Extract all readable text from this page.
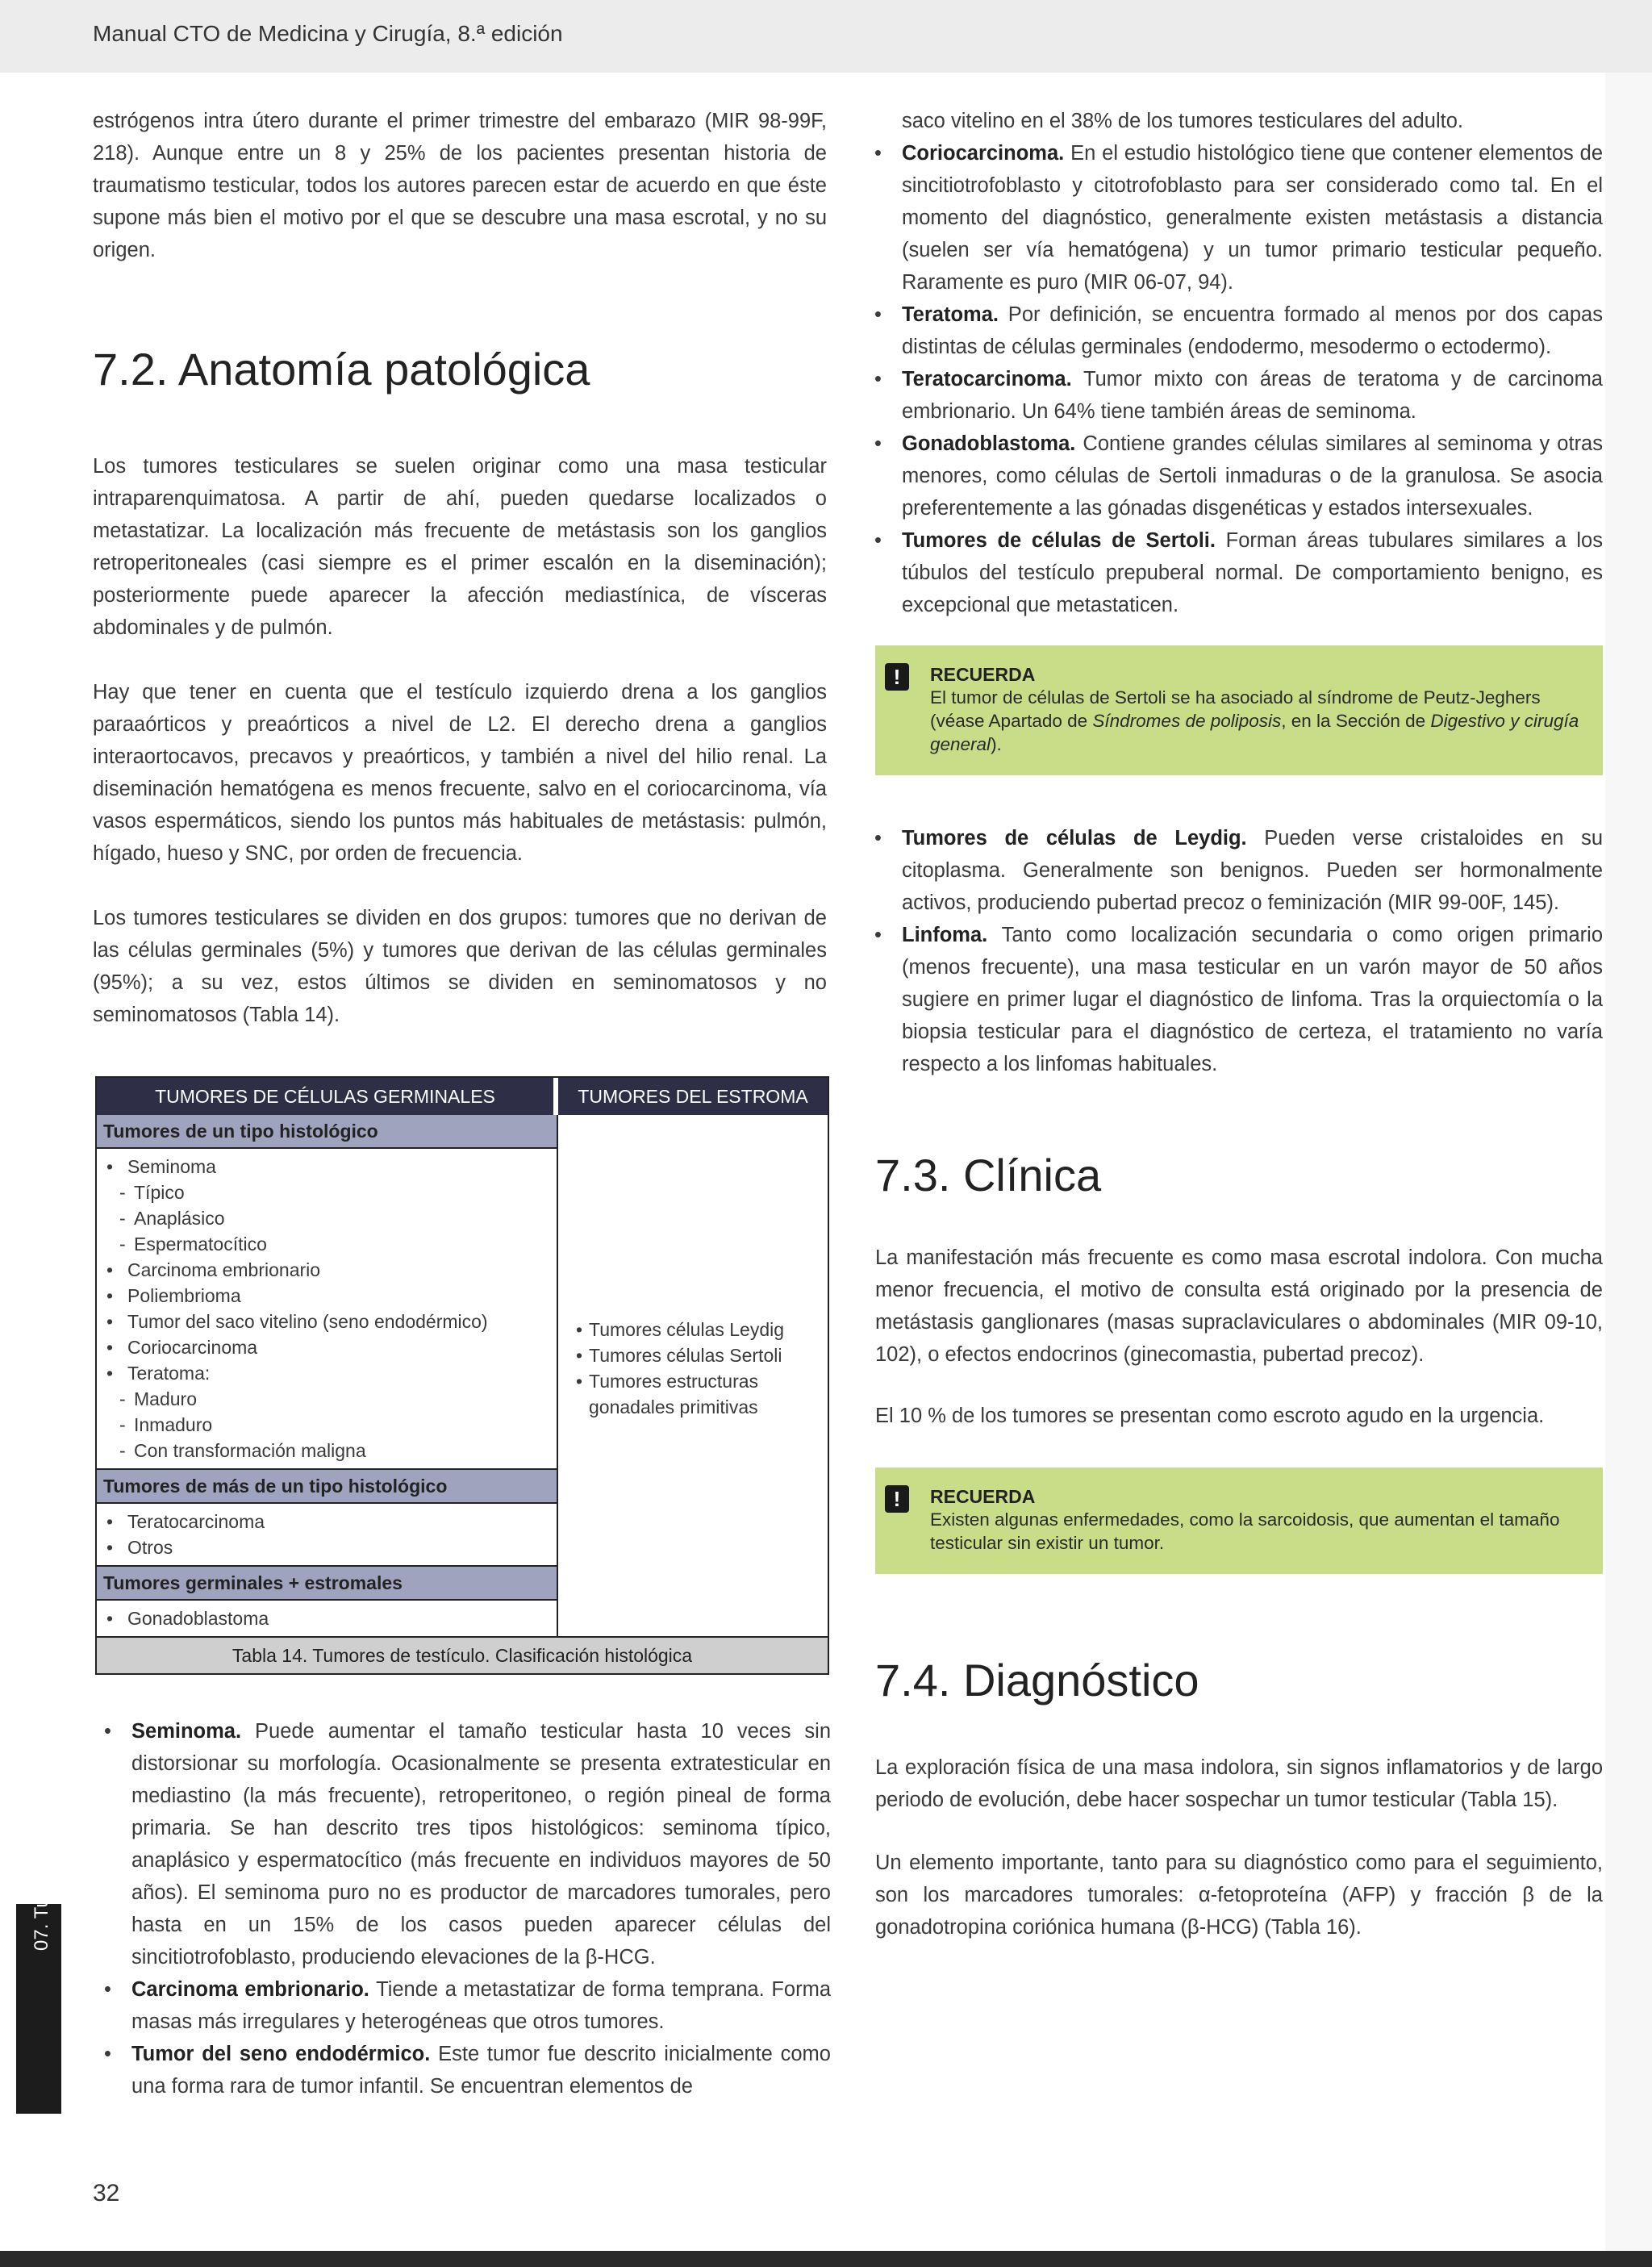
Manual CTO de Medicina y Cirugía, 8.ª edición

estrógenos intra útero durante el primer trimestre del embarazo (MIR 98-99F, 218). Aunque entre un 8 y 25% de los pacientes presentan historia de traumatismo testicular, todos los autores parecen estar de acuerdo en que éste supone más bien el motivo por el que se descubre una masa escrotal, y no su origen.

7.2. Anatomía patológica

Los tumores testiculares se suelen originar como una masa testicular intraparenquimatosa. A partir de ahí, pueden quedarse localizados o metastatizar. La localización más frecuente de metástasis son los ganglios retroperitoneales (casi siempre es el primer escalón en la diseminación); posteriormente puede aparecer la afección mediastínica, de vísceras abdominales y de pulmón.

Hay que tener en cuenta que el testículo izquierdo drena a los ganglios paraaórticos y preaórticos a nivel de L2. El derecho drena a ganglios interaortocavos, precavos y preaórticos, y también a nivel del hilio renal. La diseminación hematógena es menos frecuente, salvo en el coriocarcinoma, vía vasos espermáticos, siendo los puntos más habituales de metástasis: pulmón, hígado, hueso y SNC, por orden de frecuencia.

Los tumores testiculares se dividen en dos grupos: tumores que no derivan de las células germinales (5%) y tumores que derivan de las células germinales (95%); a su vez, estos últimos se dividen en seminomatosos y no seminomatosos (Tabla 14).

TUMORES DE CÉLULAS GERMINALES	TUMORES DEL ESTROMA
Tumores de un tipo histológico
• Seminoma
- Típico
- Anaplásico
- Espermatocítico
• Carcinoma embrionario
• Poliembrioma
• Tumor del saco vitelino (seno endodérmico)
• Coriocarcinoma
• Teratoma:
- Maduro
- Inmaduro
- Con transformación maligna
Tumores de más de un tipo histológico
• Teratocarcinoma
• Otros
Tumores germinales + estromales
• Gonadoblastoma
• Tumores células Leydig
• Tumores células Sertoli
• Tumores estructuras gonadales primitivas
Tabla 14. Tumores de testículo. Clasificación histológica
• Seminoma. Puede aumentar el tamaño testicular hasta 10 veces sin distorsionar su morfología. Ocasionalmente se presenta extratesticular en mediastino (la más frecuente), retroperitoneo, o región pineal de forma primaria. Se han descrito tres tipos histológicos: seminoma típico, anaplásico y espermatocítico (más frecuente en individuos mayores de 50 años). El seminoma puro no es productor de marcadores tumorales, pero hasta en un 15% de los casos pueden aparecer células del sincitiotrofoblasto, produciendo elevaciones de la β-HCG.
• Carcinoma embrionario. Tiende a metastatizar de forma temprana. Forma masas más irregulares y heterogéneas que otros tumores.
• Tumor del seno endodérmico. Este tumor fue descrito inicialmente como una forma rara de tumor infantil. Se encuentran elementos de

saco vitelino en el 38% de los tumores testiculares del adulto.

• Coriocarcinoma. En el estudio histológico tiene que contener elementos de sincitiotrofoblasto y citotrofoblasto para ser considerado como tal. En el momento del diagnóstico, generalmente existen metástasis a distancia (suelen ser vía hematógena) y un tumor primario testicular pequeño. Raramente es puro (MIR 06-07, 94).
• Teratoma. Por definición, se encuentra formado al menos por dos capas distintas de células germinales (endodermo, mesodermo o ectodermo).
• Teratocarcinoma. Tumor mixto con áreas de teratoma y de carcinoma embrionario. Un 64% tiene también áreas de seminoma.
• Gonadoblastoma. Contiene grandes células similares al seminoma y otras menores, como células de Sertoli inmaduras o de la granulosa. Se asocia preferentemente a las gónadas disgenéticas y estados intersexuales.
• Tumores de células de Sertoli. Forman áreas tubulares similares a los túbulos del testículo prepuberal normal. De comportamiento benigno, es excepcional que metastaticen.
!	RECUERDA
El tumor de células de Sertoli se ha asociado al síndrome de Peutz-Jeghers (véase Apartado de Síndromes de poliposis, en la Sección de Digestivo y cirugía general).
• Tumores de células de Leydig. Pueden verse cristaloides en su citoplasma. Generalmente son benignos. Pueden ser hormonalmente activos, produciendo pubertad precoz o feminización (MIR 99-00F, 145).
• Linfoma. Tanto como localización secundaria o como origen primario (menos frecuente), una masa testicular en un varón mayor de 50 años sugiere en primer lugar el diagnóstico de linfoma. Tras la orquiectomía o la biopsia testicular para el diagnóstico de certeza, el tratamiento no varía respecto a los linfomas habituales.
7.3. Clínica

La manifestación más frecuente es como masa escrotal indolora. Con mucha menor frecuencia, el motivo de consulta está originado por la presencia de metástasis ganglionares (masas supraclaviculares o abdominales (MIR 09-10, 102), o efectos endocrinos (ginecomastia, pubertad precoz).

El 10 % de los tumores se presentan como escroto agudo en la urgencia.

!	RECUERDA
Existen algunas enfermedades, como la sarcoidosis, que aumentan el tamaño testicular sin existir un tumor.
7.4. Diagnóstico

La exploración física de una masa indolora, sin signos inflamatorios y de largo periodo de evolución, debe hacer sospechar un tumor testicular (Tabla 15).

Un elemento importante, tanto para su diagnóstico como para el seguimiento, son los marcadores tumorales: α-fetoproteína (AFP) y fracción β de la gonadotropina coriónica humana (β-HCG) (Tabla 16).

07. Tumores testiculares
32
